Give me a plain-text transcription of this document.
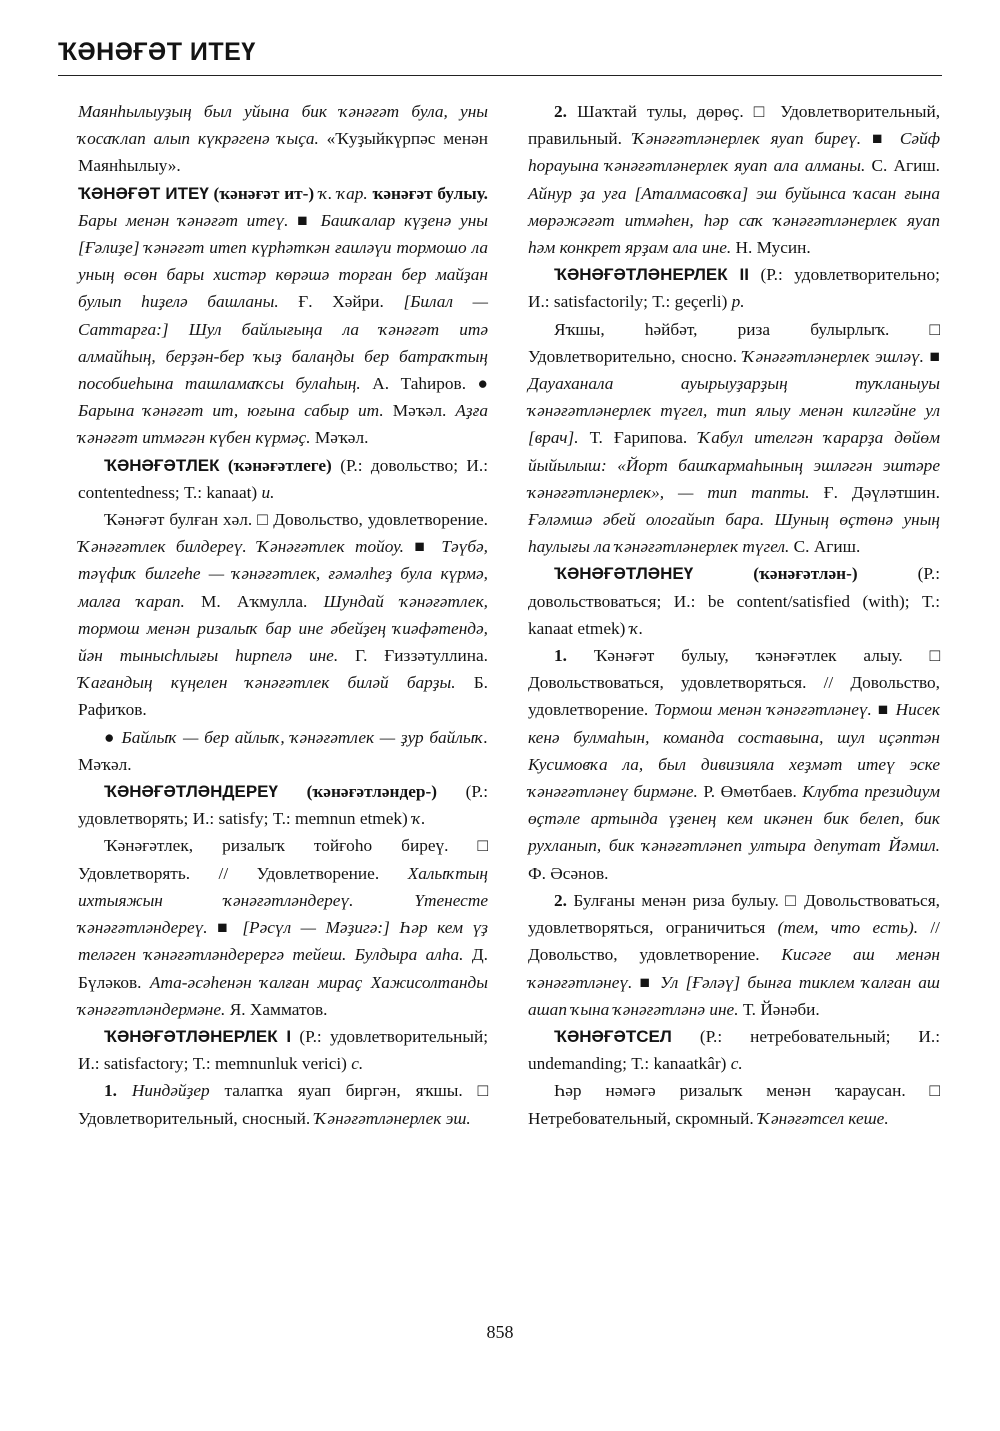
ҠӘНӘҒӘТ ИТЕҮ

Маянһылыуҙың был уйына бик ҡәнәғәт була, уны ҡосаҡлап алып күкрәгенә ҡыҫа. «Ҡуҙыйкүрпәс менән Маянһылыу».

ҠӘНӘҒӘТ ИТЕҮ (ҡәнәғәт ит-) ҡ. ҡар. ҡәнәғәт булыу. Бары менән ҡәнәғәт итеү. ■ Башҡалар күҙенә уны [Ғәлиҙе] ҡәнәғәт итеп күрһәткән ғаиләүи тормошо ла уның өсөн бары хистәр көрәшә торған бер майҙан булып һиҙелә башланы. Ғ. Хәйри. [Билал — Саттарға:] Шул байлығыңа ла ҡәнәғәт итә алмайһың, берҙән-бер ҡыҙ балаңды бер батраҡтың пособиеһына ташламаҡсы булаһың. А. Таһиров. ● Барына ҡәнәғәт ит, юғына сабыр ит. Мәҡәл. Аҙға ҡәнәғәт итмәгән күбен күрмәҫ. Мәҡәл.

ҠӘНӘҒӘТЛЕК (ҡәнәғәтлеге) (Р.: довольство; И.: contentedness; Т.: kanaat) и.

Ҡәнәғәт булған хәл. □ Довольство, удовлетворение. Ҡәнәғәтлек билдереү. Ҡәнәғәтлек тойоу. ■ Тәүбә, тәүфиҡ билгеһе — ҡәнәғәтлек, ғәмәлһеҙ була күрмә, малға ҡарап. М. Аҡмулла. Шундай ҡәнәғәтлек, тормош менән ризалыҡ бар ине әбейҙең ҡиәфәтендә, йән тынысһлығы һирпелә ине. Г. Ғиззәтуллина. Ҡағандың күңелен ҡәнәғәтлек биләй барҙы. Б. Рафиҡов.

● Байлыҡ — бер айлыҡ, ҡәнәғәтлек — ҙур байлыҡ. Мәҡәл.

ҠӘНӘҒӘТЛӘНДЕРЕҮ (ҡәнәғәтләндер-) (Р.: удовлетворять; И.: satisfy; Т.: memnun etmek) ҡ.

Ҡәнәғәтлек, ризалыҡ тойғоһо биреү. □ Удовлетворять. // Удовлетворение. Халыҡтың ихтыяжын ҡәнәғәтләндереү. Үтенесте ҡәнәғәтләндереү. ■ [Рәсүл — Мәҙигә:] Һәр кем үҙ теләген ҡәнәғәтләндерергә тейеш. Булдыра алһа. Д. Бүләков. Ата-әсәһенән ҡалған мираҫ Хажисолтанды ҡәнәғәтләндермәне. Я. Хамматов.

ҠӘНӘҒӘТЛӘНЕРЛЕК I (Р.: удовлетворительный; И.: satisfactory; Т.: memnunluk verici) с.

1. Ниндәйҙер талапҡа яуап биргән, яҡшы. □ Удовлетворительный, сносный. Ҡәнәғәтләнерлек эш.

2. Шаҡтай тулы, дөрөҫ. □ Удовлетворительный, правильный. Ҡәнәғәтләнерлек яуап биреү. ■ Сәйф һорауына ҡәнәғәтләнерлек яуап ала алманы. С. Агиш. Айнур ҙа уға [Аталмасовҡа] эш буйынса ҡасан ғына мөрәжәғәт итмәһен, һәр саҡ ҡәнәғәтләнерлек яуап һәм конкрет ярҙам ала ине. Н. Мусин.

ҠӘНӘҒӘТЛӘНЕРЛЕК II (Р.: удовлетворительно; И.: satisfactorily; Т.: geçerli) р.

Яҡшы, һәйбәт, риза булырлыҡ. □ Удовлетворительно, сносно. Ҡәнәғәтләнерлек эшләү. ■ Дауаханала ауырыуҙарҙың туҡланыуы ҡәнәғәтләнерлек түгел, тип ялыу менән килгәйне ул [врач]. Т. Ғарипова. Ҡабул ителгән ҡарарҙа дөйөм йыйылыш: «Йорт башҡармаһының эшләгән эштәре ҡәнәғәтләнерлек», — тип тапты. Ғ. Дәүләтшин. Ғәләмшә әбей ологайып бара. Шуның өҫтөнә уның һаулығы ла ҡәнәғәтләнерлек түгел. С. Агиш.

ҠӘНӘҒӘТЛӘНЕҮ (ҡәнәғәтлән-) (Р.: довольствоваться; И.: be content/satisfied (with); Т.: kanaat etmek) ҡ.

1. Ҡәнәғәт булыу, ҡәнәғәтлек алыу. □ Довольствоваться, удовлетворяться. // Довольство, удовлетворение. Тормош менән ҡәнәғәтләнеү. ■ Нисек кенә булмаһын, команда составына, шул иҫәптән Кусимовҡа ла, был дивизияла хеҙмәт итеү эске ҡәнәғәтләнеү бирмәне. Р. Өмөтбаев. Клубта президиум өҫтәле артында үҙенең кем икәнен бик белеп, бик рухланып, бик ҡәнәғәтләнеп ултыра депутат Йәмил. Ф. Әсәнов.

2. Булғаны менән риза булыу. □ Довольствоваться, удовлетворяться, ограничиться (тем, что есть). // Довольство, удовлетворение. Кисәге аш менән ҡәнәғәтләнеү. ■ Ул [Ғәләү] бынға тиклем ҡалған аш ашап ҡына ҡәнәғәтләнә ине. Т. Йәнәби.

ҠӘНӘҒӘТСЕЛ (Р.: нетребовательный; И.: undemanding; Т.: kanaatkâr) с.

Һәр нәмәгә ризалыҡ менән ҡараусан. □ Нетребовательный, скромный. Ҡәнәғәтсел кеше.

858
